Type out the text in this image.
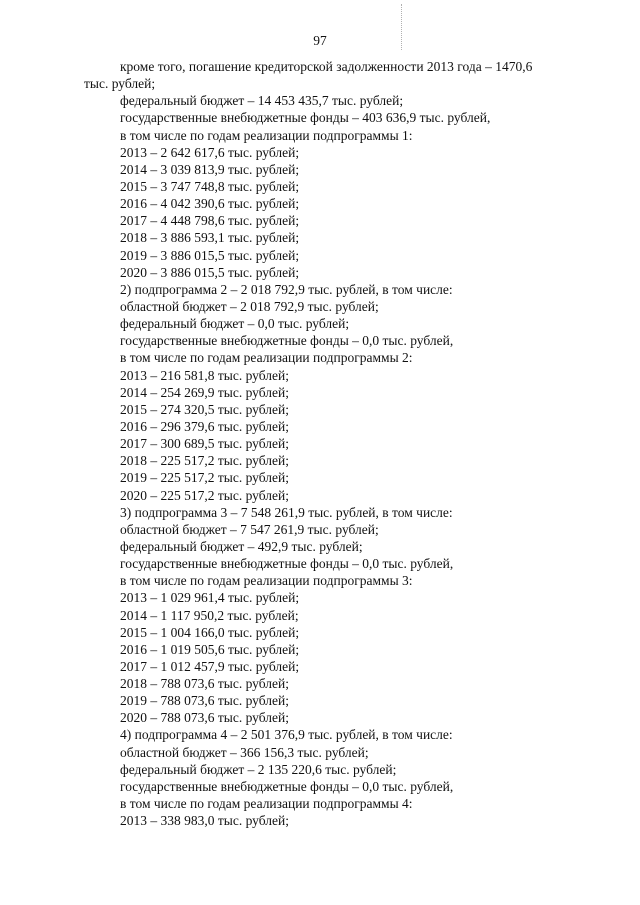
97
кроме того, погашение кредиторской задолженности 2013 года – 1470,6
тыс. рублей;
федеральный бюджет – 14 453 435,7 тыс. рублей;
государственные внебюджетные фонды – 403 636,9 тыс. рублей,
в том числе по годам реализации подпрограммы 1:
2013 – 2 642 617,6 тыс. рублей;
2014 – 3 039 813,9 тыс. рублей;
2015 – 3 747 748,8 тыс. рублей;
2016 – 4 042 390,6 тыс. рублей;
2017 – 4 448 798,6 тыс. рублей;
2018 – 3 886 593,1 тыс. рублей;
2019 – 3 886 015,5 тыс. рублей;
2020 – 3 886 015,5 тыс. рублей;
2) подпрограмма 2 – 2 018 792,9 тыс. рублей, в том числе:
областной бюджет – 2 018 792,9 тыс. рублей;
федеральный бюджет – 0,0 тыс. рублей;
государственные внебюджетные фонды – 0,0 тыс. рублей,
в том числе по годам реализации подпрограммы 2:
2013 – 216 581,8 тыс. рублей;
2014 – 254 269,9 тыс. рублей;
2015 – 274 320,5 тыс. рублей;
2016 – 296 379,6 тыс. рублей;
2017 – 300 689,5 тыс. рублей;
2018 – 225 517,2 тыс. рублей;
2019 – 225 517,2 тыс. рублей;
2020 – 225 517,2 тыс. рублей;
3) подпрограмма 3 – 7 548 261,9 тыс. рублей, в том числе:
областной бюджет – 7 547 261,9 тыс. рублей;
федеральный бюджет – 492,9 тыс. рублей;
государственные внебюджетные фонды – 0,0 тыс. рублей,
в том числе по годам реализации подпрограммы 3:
2013 – 1 029 961,4 тыс. рублей;
2014 – 1 117 950,2 тыс. рублей;
2015 – 1 004 166,0 тыс. рублей;
2016 – 1 019 505,6 тыс. рублей;
2017 – 1 012 457,9 тыс. рублей;
2018 – 788 073,6 тыс. рублей;
2019 – 788 073,6 тыс. рублей;
2020 – 788 073,6 тыс. рублей;
4) подпрограмма 4 – 2 501 376,9 тыс. рублей, в том числе:
областной бюджет – 366 156,3 тыс. рублей;
федеральный бюджет – 2 135 220,6 тыс. рублей;
государственные внебюджетные фонды – 0,0 тыс. рублей,
в том числе по годам реализации подпрограммы 4:
2013 – 338 983,0 тыс. рублей;
